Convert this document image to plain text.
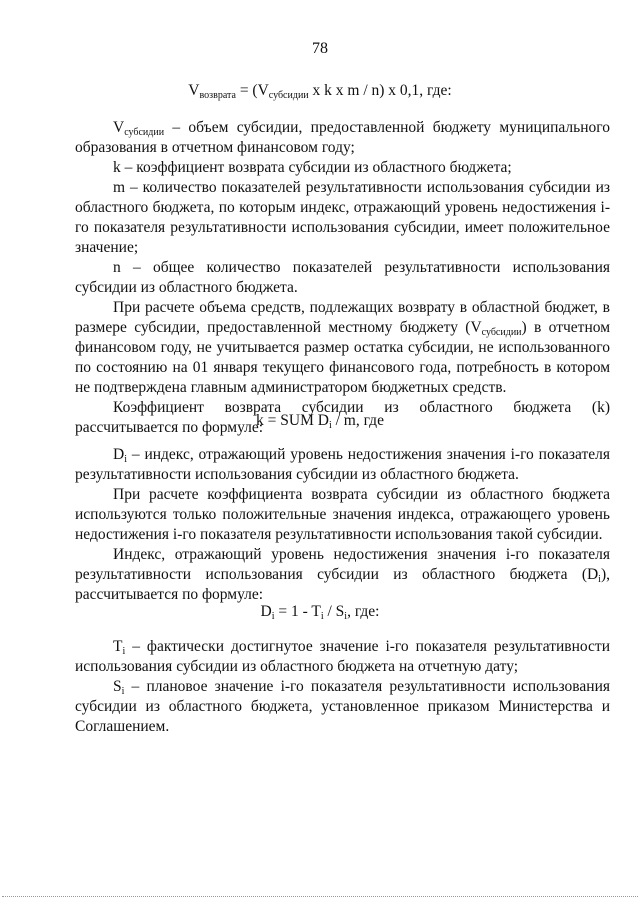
78
$V_{возврата} = (V_{субсидии}$ x k x m / n) x 0,1, где:

$V_{субсидии}$ – объем субсидии, предоставленной бюджету муниципального образования в отчетном финансовом году;

k – коэффициент возврата субсидии из областного бюджета;

m – количество показателей результативности использования субсидии из областного бюджета, по которым индекс, отражающий уровень недостижения i-го показателя результативности использования субсидии, имеет положительное значение;

n – общее количество показателей результативности использования субсидии из областного бюджета.

При расчете объема средств, подлежащих возврату в областной бюджет, в размере субсидии, предоставленной местному бюджету $(V_{субсидии})$ в отчетном финансовом году, не учитывается размер остатка субсидии, не использованного по состоянию на 01 января текущего финансового года, потребность в котором не подтверждена главным администратором бюджетных средств.

Коэффициент возврата субсидии из областного бюджета (k) рассчитывается по формуле:

k = SUM $D_i$ / m, где

$D_i$ – индекс, отражающий уровень недостижения значения i-го показателя результативности использования субсидии из областного бюджета.

При расчете коэффициента возврата субсидии из областного бюджета используются только положительные значения индекса, отражающего уровень недостижения i-го показателя результативности использования такой субсидии.

Индекс, отражающий уровень недостижения значения i-го показателя результативности использования субсидии из областного бюджета $(D_i)$, рассчитывается по формуле:

$D_i = 1 - T_i / S_i$, где:

$T_i$ – фактически достигнутое значение i-го показателя результативности использования субсидии из областного бюджета на отчетную дату;

$S_i$ – плановое значение i-го показателя результативности использования субсидии из областного бюджета, установленное приказом Министерства и Соглашением.
